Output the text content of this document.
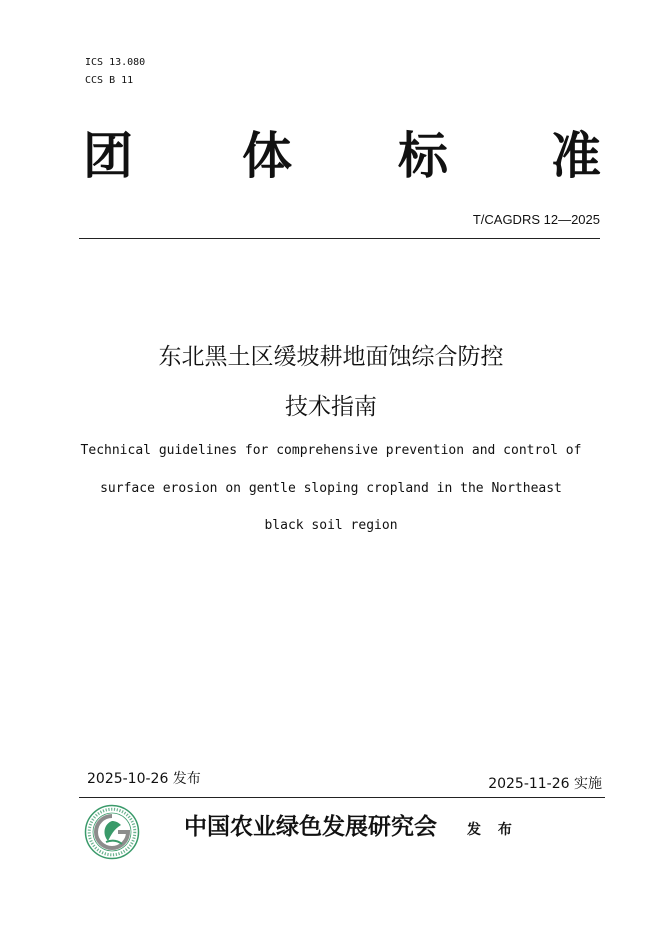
ICS 13.080
CCS B 11
团 体 标 准
T/CAGDRS 12—2025
东北黑土区缓坡耕地面蚀综合防控
技术指南
Technical guidelines for comprehensive prevention and control of
surface erosion on gentle sloping cropland in the Northeast
black soil region
2025-10-26 发布	2025-11-26 实施
中国农业绿色发展研究会 发 布
